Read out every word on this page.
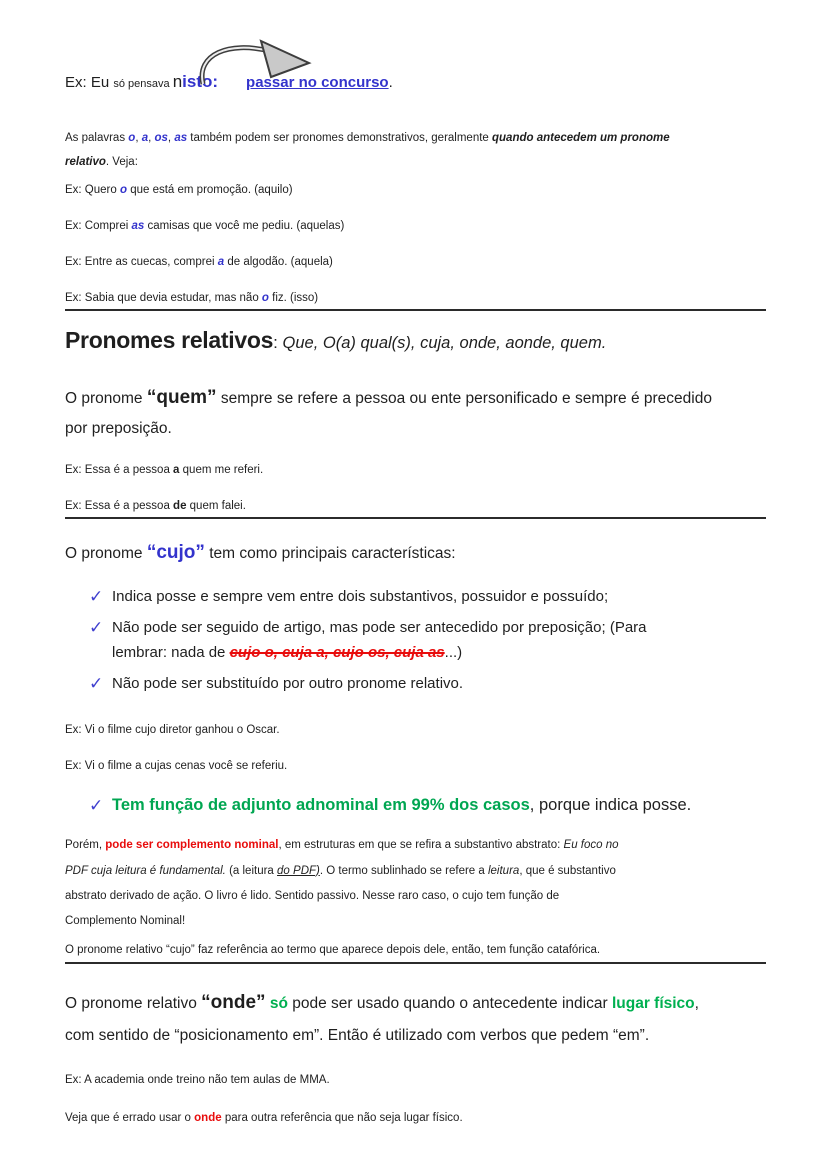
Ex: Eu só pensava nisto: passar no concurso.

As palavras o, a, os, as também podem ser pronomes demonstrativos, geralmente quando antecedem um pronome
relativo. Veja:

Ex: Quero o que está em promoção. (aquilo)
Ex: Comprei as camisas que você me pediu. (aquelas)
Ex: Entre as cuecas, comprei a de algodão. (aquela)
Ex: Sabia que devia estudar, mas não o fiz. (isso)
Pronomes relativos: Que, O(a) qual(s), cuja, onde, aonde, quem.

O pronome “quem” sempre se refere a pessoa ou ente personificado e sempre é precedido
por preposição.

Ex: Essa é a pessoa a quem me referi.
Ex: Essa é a pessoa de quem falei.

O pronome “cujo” tem como principais características:

✓ Indica posse e sempre vem entre dois substantivos, possuidor e possuído;
✓ Não pode ser seguido de artigo, mas pode ser antecedido por preposição; (Para
lembrar: nada de cujo o, cuja a, cujo os, cuja as...)
✓ Não pode ser substituído por outro pronome relativo.
Ex: Vi o filme cujo diretor ganhou o Oscar.
Ex: Vi o filme a cujas cenas você se referiu.
✓ Tem função de adjunto adnominal em 99% dos casos, porque indica posse.

Porém, pode ser complemento nominal, em estruturas em que se refira a substantivo abstrato: Eu foco no
PDF cuja leitura é fundamental. (a leitura do PDF). O termo sublinhado se refere a leitura, que é substantivo
abstrato derivado de ação. O livro é lido. Sentido passivo. Nesse raro caso, o cujo tem função de
Complemento Nominal!

O pronome relativo “cujo” faz referência ao termo que aparece depois dele, então, tem função catafórica.

O pronome relativo “onde” só pode ser usado quando o antecedente indicar lugar físico,
com sentido de “posicionamento em”. Então é utilizado com verbos que pedem “em”.

Ex: A academia onde treino não tem aulas de MMA.
Veja que é errado usar o onde para outra referência que não seja lugar físico.
